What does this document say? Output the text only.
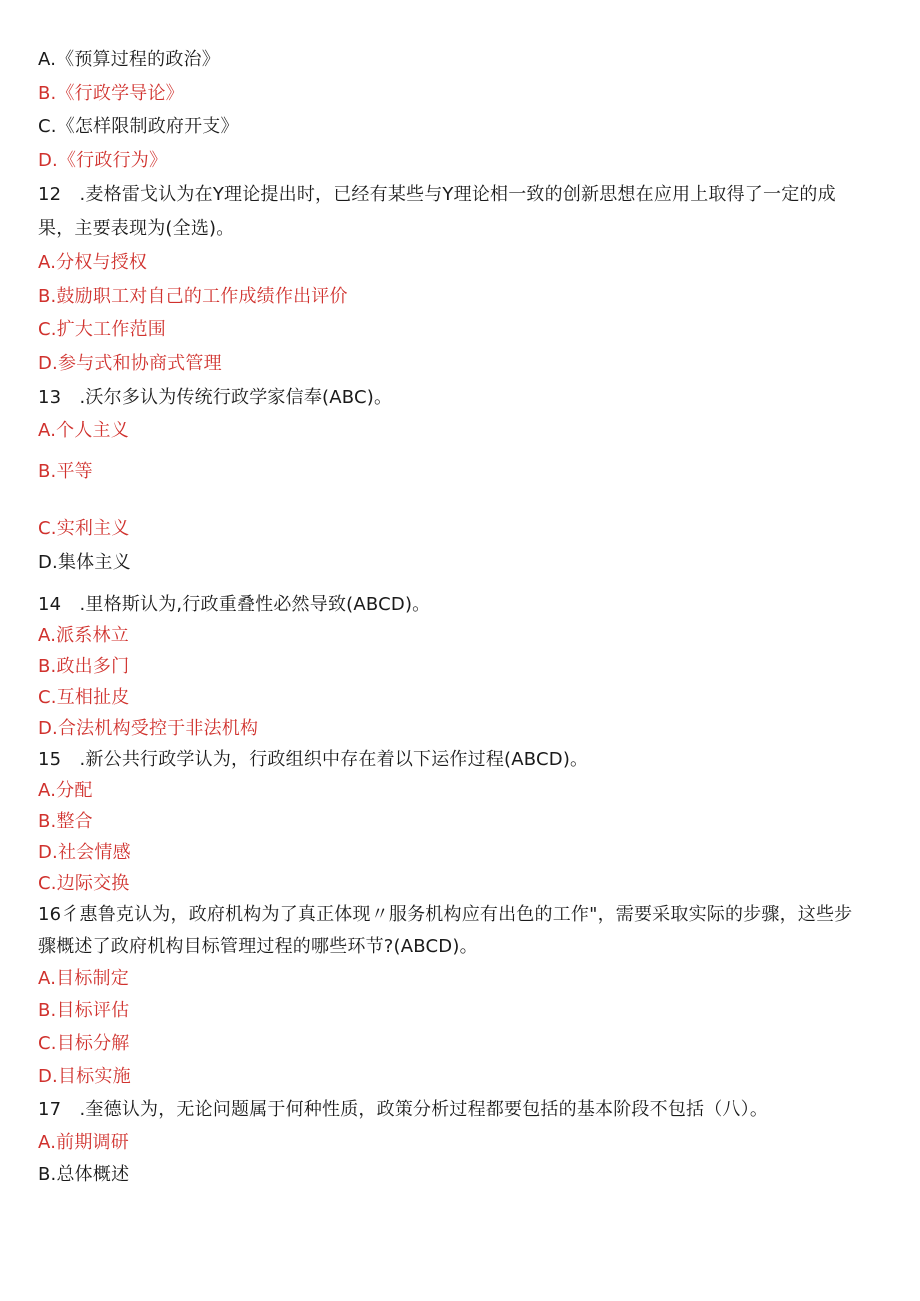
A.《预算过程的政治》
B.《行政学导论》
C.《怎样限制政府开支》
D.《行政行为》
12　.麦格雷戈认为在Y理论提出时，已经有某些与Y理论相一致的创新思想在应用上取得了一定的成
果，主要表现为(全选)。
A.分权与授权
B.鼓励职工对自己的工作成绩作出评价
C.扩大工作范围
D.参与式和协商式管理
13　.沃尔多认为传统行政学家信奉(ABC)。
A.个人主义
B.平等
C.实利主义
D.集体主义
14　.里格斯认为,行政重叠性必然导致(ABCD)。
A.派系林立
B.政出多门
C.互相扯皮
D.合法机构受控于非法机构
15　.新公共行政学认为，行政组织中存在着以下运作过程(ABCD)。
A.分配
B.整合
D.社会情感
C.边际交换
16彳惠鲁克认为，政府机构为了真正体现〃服务机构应有出色的工作"，需要采取实际的步骤，这些步
骤概述了政府机构目标管理过程的哪些环节?(ABCD)。
A.目标制定
B.目标评估
C.目标分解
D.目标实施
17　.奎德认为，无论问题属于何种性质，政策分析过程都要包括的基本阶段不包括（八）。
A.前期调研
B.总体概述
